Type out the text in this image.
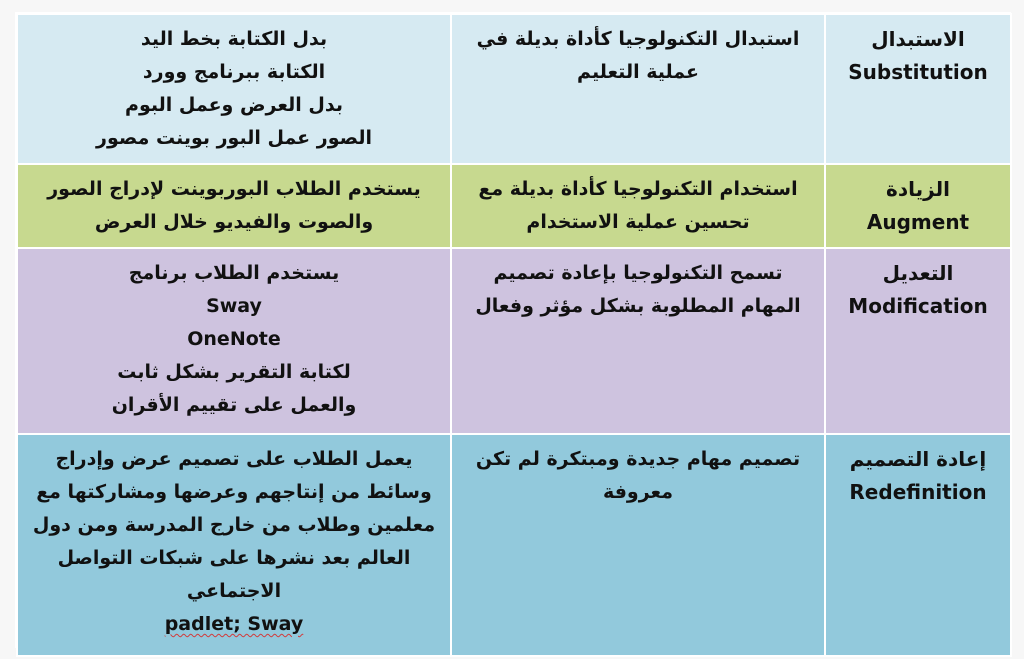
الاستبدال
Substitution	استبدال التكنولوجيا كأداة بديلة في عملية التعليم	بدل الكتابة بخط اليد
الكتابة ببرنامج وورد
بدل العرض وعمل البوم
الصور عمل البور بوينت مصور

الزيادة
Augment	استخدام التكنولوجيا كأداة بديلة مع تحسين عملية الاستخدام	يستخدم الطلاب البوربوينت لإدراج الصور والصوت والفيديو خلال العرض

التعديل
Modification	تسمح التكنولوجيا بإعادة تصميم المهام المطلوبة بشكل مؤثر وفعال	يستخدم الطلاب برنامج
Sway
OneNote
لكتابة التقرير بشكل ثابت
والعمل على تقييم الأقران

إعادة التصميم
Redefinition	تصميم مهام جديدة ومبتكرة لم تكن معروفة	يعمل الطلاب على تصميم عرض وإدراج وسائط من إنتاجهم وعرضها ومشاركتها مع معلمين وطلاب من خارج المدرسة ومن دول العالم بعد نشرها على شبكات التواصل الاجتماعي
padlet; Sway
